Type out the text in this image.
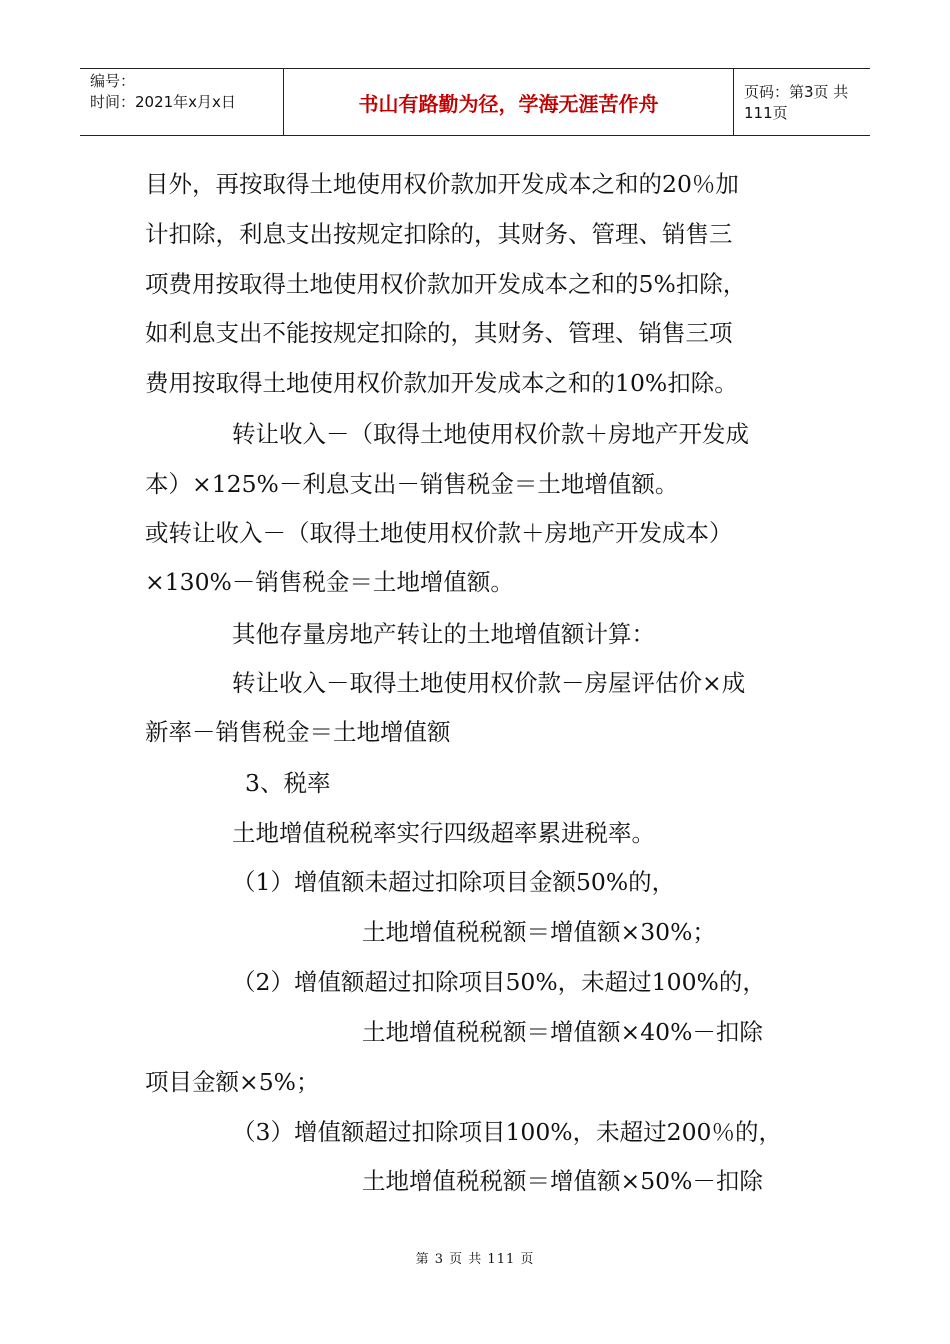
编号：
时间：2021年x月x日	书山有路勤为径，学海无涯苦作舟	页码：第3页 共111页
目外，再按取得土地使用权价款加开发成本之和的20％加
计扣除，利息支出按规定扣除的，其财务、管理、销售三
项费用按取得土地使用权价款加开发成本之和的5%扣除，
如利息支出不能按规定扣除的，其财务、管理、销售三项
费用按取得土地使用权价款加开发成本之和的10%扣除。
转让收入－（取得土地使用权价款＋房地产开发成
本）×125%－利息支出－销售税金＝土地增值额。
或转让收入－（取得土地使用权价款＋房地产开发成本）
×130%－销售税金＝土地增值额。
其他存量房地产转让的土地增值额计算：
转让收入－取得土地使用权价款－房屋评估价×成
新率－销售税金＝土地增值额
3、税率
土地增值税税率实行四级超率累进税率。
（1）增值额未超过扣除项目金额50%的，
土地增值税税额＝增值额×30%；
（2）增值额超过扣除项目50%，未超过100%的，
土地增值税税额＝增值额×40%－扣除
项目金额×5%；
（3）增值额超过扣除项目100%，未超过200％的，
土地增值税税额＝增值额×50%－扣除
第 3 页 共 111 页
